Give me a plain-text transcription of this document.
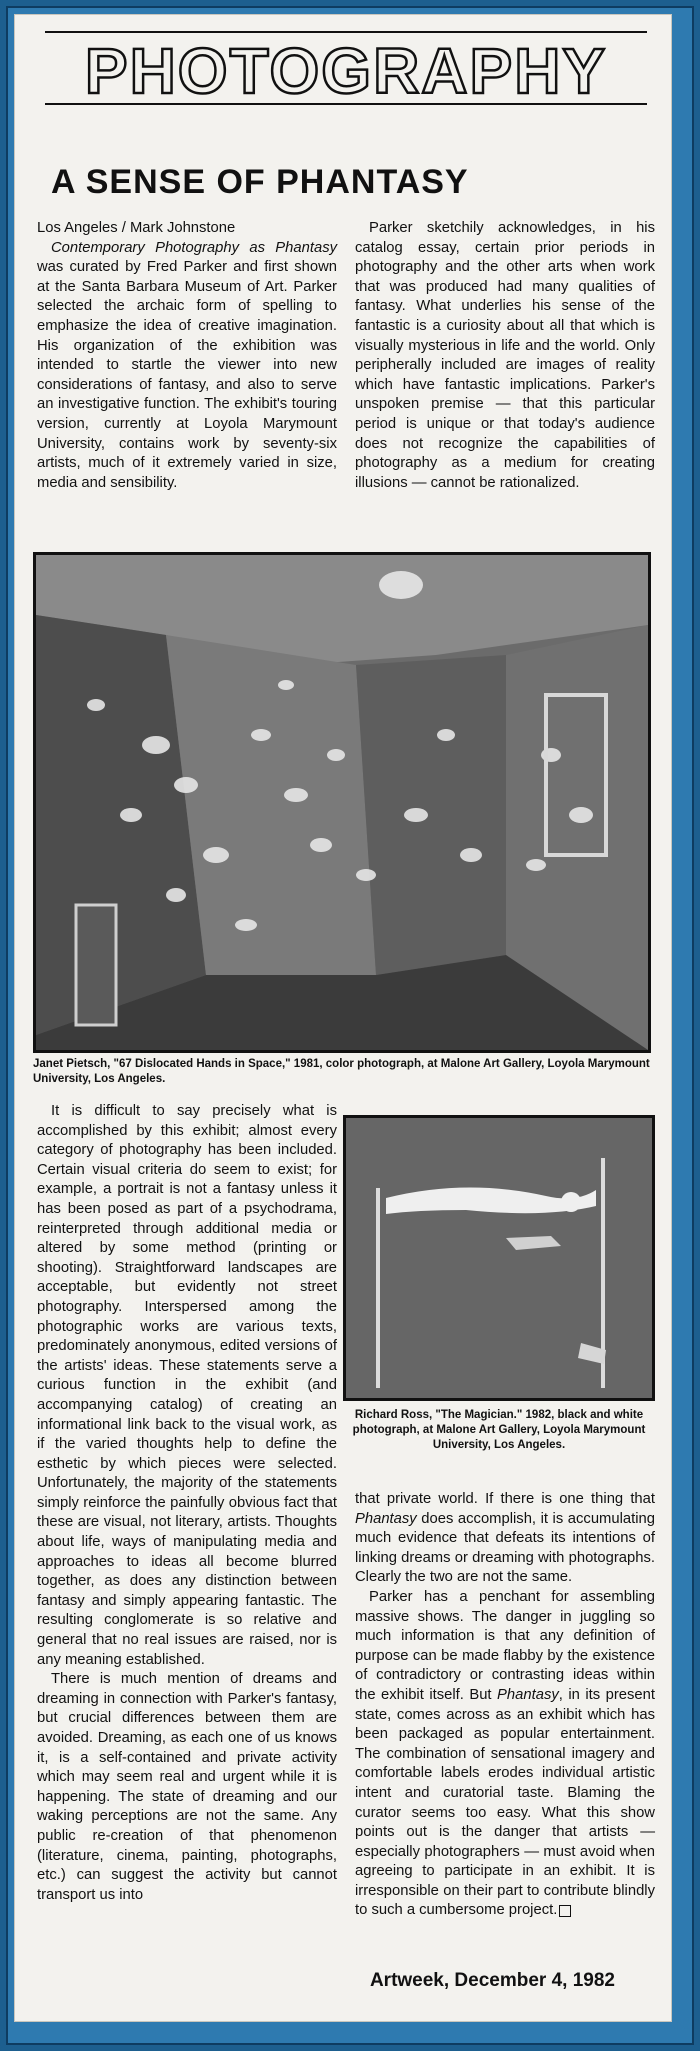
PHOTOGRAPHY
A SENSE OF PHANTASY

Los Angeles / Mark Johnstone

Contemporary Photography as Phantasy was curated by Fred Parker and first shown at the Santa Barbara Museum of Art. Parker selected the archaic form of spelling to emphasize the idea of creative imagination. His organization of the exhibition was intended to startle the viewer into new considerations of fantasy, and also to serve an investigative function. The exhibit's touring version, currently at Loyola Marymount University, contains work by seventy-six artists, much of it extremely varied in size, media and sensibility.

Parker sketchily acknowledges, in his catalog essay, certain prior periods in photography and the other arts when work that was produced had many qualities of fantasy. What underlies his sense of the fantastic is a curiosity about all that which is visually mysterious in life and the world. Only peripherally included are images of reality which have fantastic implications. Parker's unspoken premise — that this particular period is unique or that today's audience does not recognize the capabilities of photography as a medium for creating illusions — cannot be rationalized.

Janet Pietsch, "67 Dislocated Hands in Space," 1981, color photograph, at Malone Art Gallery, Loyola Marymount University, Los Angeles.

It is difficult to say precisely what is accomplished by this exhibit; almost every category of photography has been included. Certain visual criteria do seem to exist; for example, a portrait is not a fantasy unless it has been posed as part of a psychodrama, reinterpreted through additional media or altered by some method (printing or shooting). Straightforward landscapes are acceptable, but evidently not street photography. Interspersed among the photographic works are various texts, predominately anonymous, edited versions of the artists' ideas. These statements serve a curious function in the exhibit (and accompanying catalog) of creating an informational link back to the visual work, as if the varied thoughts help to define the esthetic by which pieces were selected. Unfortunately, the majority of the statements simply reinforce the painfully obvious fact that these are visual, not literary, artists. Thoughts about life, ways of manipulating media and approaches to ideas all become blurred together, as does any distinction between fantasy and simply appearing fantastic. The resulting conglomerate is so relative and general that no real issues are raised, nor is any meaning established.

There is much mention of dreams and dreaming in connection with Parker's fantasy, but crucial differences between them are avoided. Dreaming, as each one of us knows it, is a self-contained and private activity which may seem real and urgent while it is happening. The state of dreaming and our waking perceptions are not the same. Any public re-creation of that phenomenon (literature, cinema, painting, photographs, etc.) can suggest the activity but cannot transport us into

Richard Ross, "The Magician." 1982, black and white photograph, at Malone Art Gallery, Loyola Marymount University, Los Angeles.

that private world. If there is one thing that Phantasy does accomplish, it is accumulating much evidence that defeats its intentions of linking dreams or dreaming with photographs. Clearly the two are not the same.

Parker has a penchant for assembling massive shows. The danger in juggling so much information is that any definition of purpose can be made flabby by the existence of contradictory or contrasting ideas within the exhibit itself. But Phantasy, in its present state, comes across as an exhibit which has been packaged as popular entertainment. The combination of sensational imagery and comfortable labels erodes individual artistic intent and curatorial taste. Blaming the curator seems too easy. What this show points out is the danger that artists — especially photographers — must avoid when agreeing to participate in an exhibit. It is irresponsible on their part to contribute blindly to such a cumbersome project.

Artweek, December 4, 1982
